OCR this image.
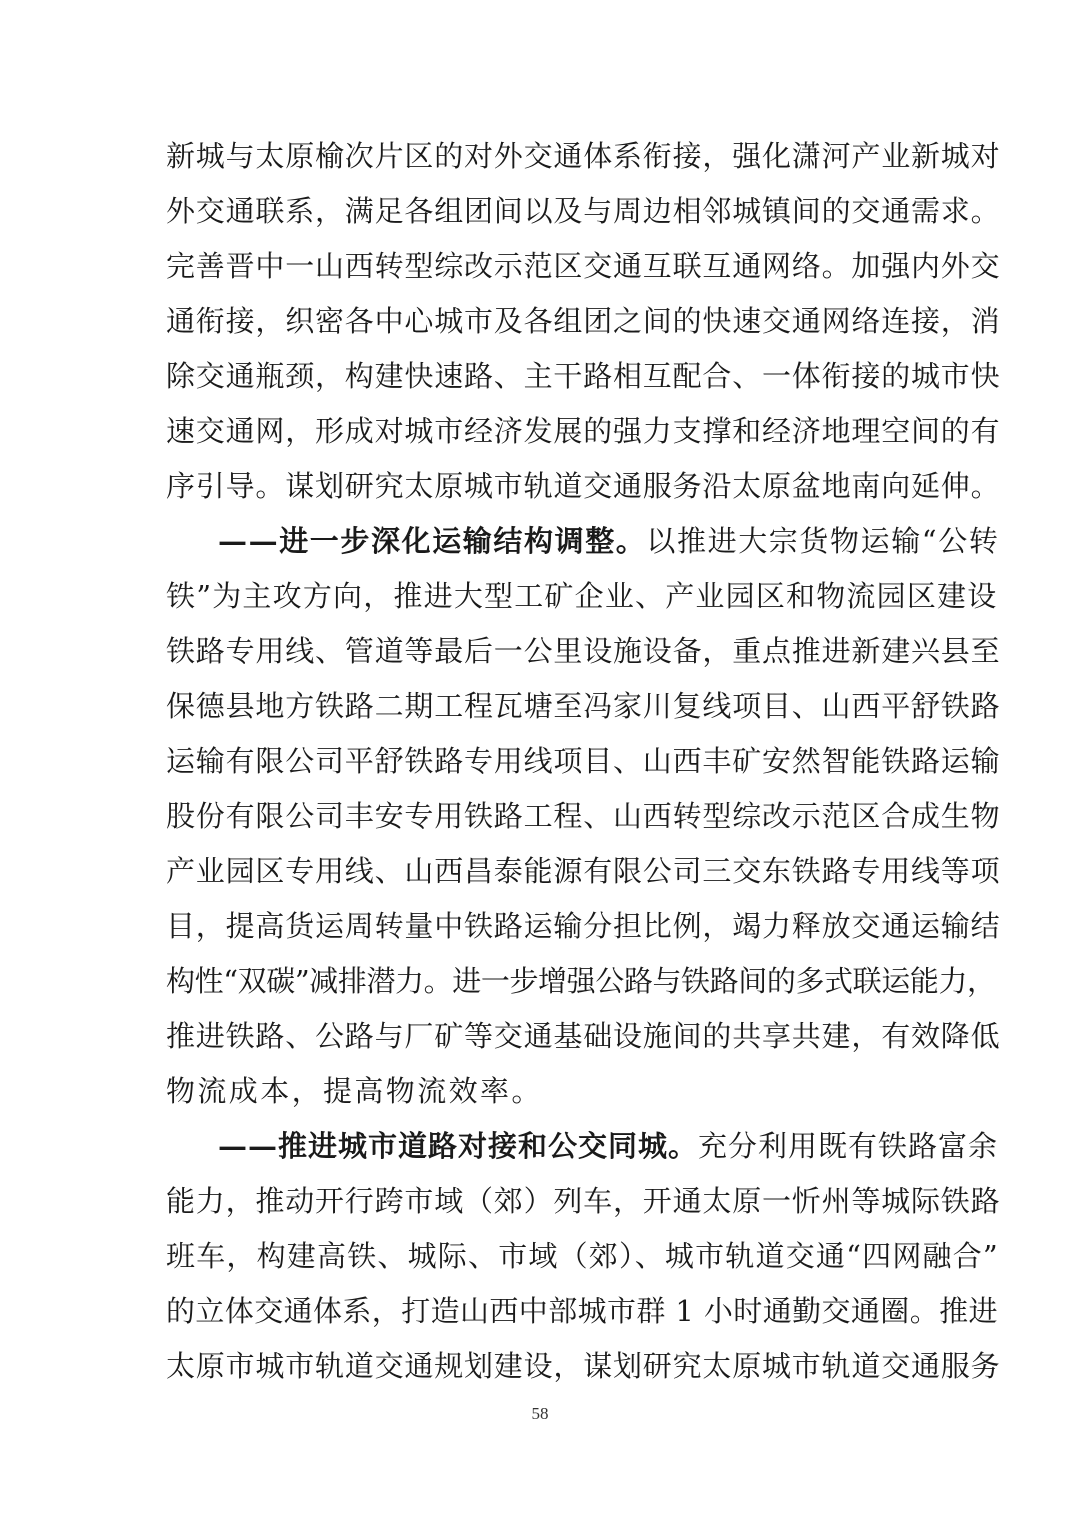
新城与太原榆次片区的对外交通体系衔接，强化潇河产业新城对
外交通联系，满足各组团间以及与周边相邻城镇间的交通需求。
完善晋中一山西转型综改示范区交通互联互通网络。加强内外交
通衔接，织密各中心城市及各组团之间的快速交通网络连接，消
除交通瓶颈，构建快速路、主干路相互配合、一体衔接的城市快
速交通网，形成对城市经济发展的强力支撑和经济地理空间的有
序引导。谋划研究太原城市轨道交通服务沿太原盆地南向延伸。
——进一步深化运输结构调整。以推进大宗货物运输“公转
铁”为主攻方向，推进大型工矿企业、产业园区和物流园区建设
铁路专用线、管道等最后一公里设施设备，重点推进新建兴县至
保德县地方铁路二期工程瓦塘至冯家川复线项目、山西平舒铁路
运输有限公司平舒铁路专用线项目、山西丰矿安然智能铁路运输
股份有限公司丰安专用铁路工程、山西转型综改示范区合成生物
产业园区专用线、山西昌泰能源有限公司三交东铁路专用线等项
目，提高货运周转量中铁路运输分担比例，竭力释放交通运输结
构性“双碳”减排潜力。进一步增强公路与铁路间的多式联运能力，
推进铁路、公路与厂矿等交通基础设施间的共享共建，有效降低
物流成本，提高物流效率。
——推进城市道路对接和公交同城。充分利用既有铁路富余
能力，推动开行跨市域（郊）列车，开通太原一忻州等城际铁路
班车，构建高铁、城际、市域（郊）、城市轨道交通“四网融合”
的立体交通体系，打造山西中部城市群 1 小时通勤交通圈。推进
太原市城市轨道交通规划建设，谋划研究太原城市轨道交通服务
58
